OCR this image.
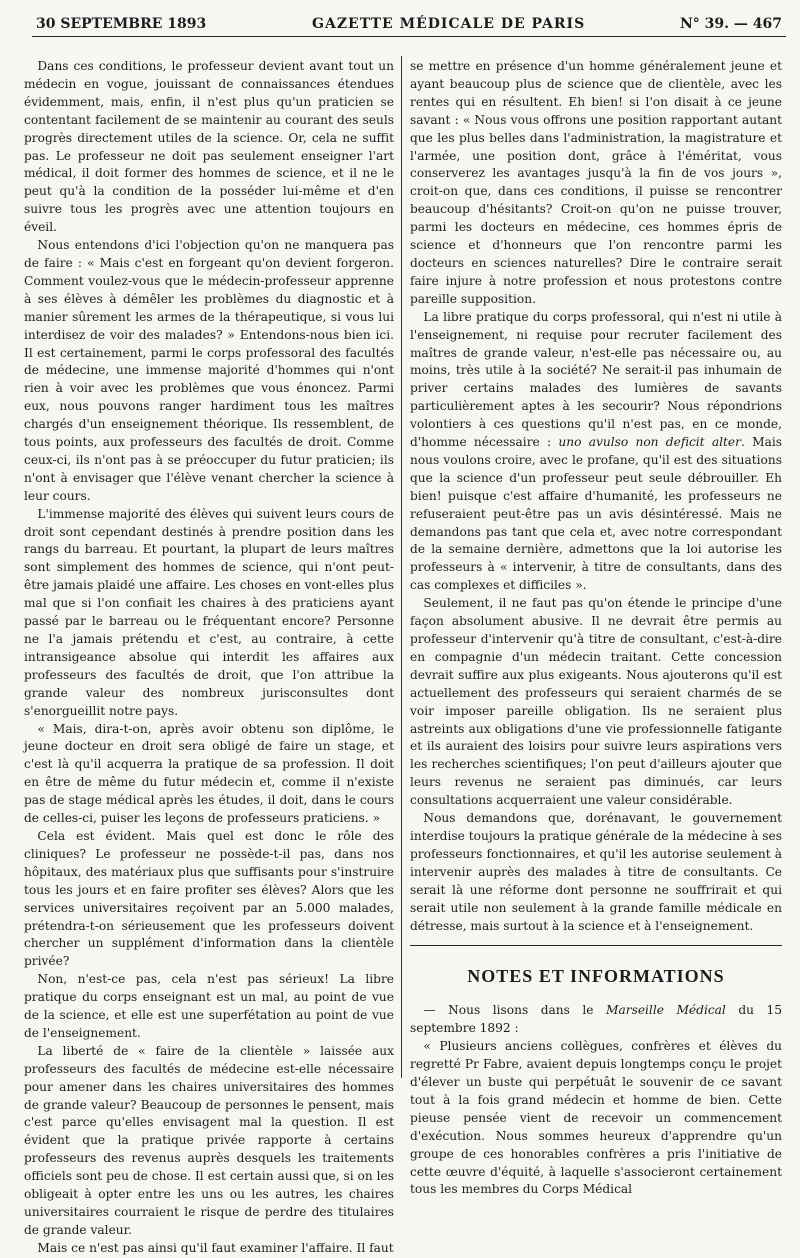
30 SEPTEMBRE 1893	GAZETTE MÉDICALE DE PARIS	N° 39. — 467

Dans ces conditions, le professeur devient avant tout un médecin en vogue, jouissant de connaissances étendues évidemment, mais, enfin, il n'est plus qu'un praticien se contentant facilement de se maintenir au courant des seuls progrès directement utiles de la science. Or, cela ne suffit pas. Le professeur ne doit pas seulement enseigner l'art médical, il doit former des hommes de science, et il ne le peut qu'à la condition de la posséder lui-même et d'en suivre tous les progrès avec une attention toujours en éveil.

Nous entendons d'ici l'objection qu'on ne manquera pas de faire : « Mais c'est en forgeant qu'on devient forgeron. Comment voulez-vous que le médecin-professeur apprenne à ses élèves à démêler les problèmes du diagnostic et à manier sûrement les armes de la thérapeutique, si vous lui interdisez de voir des malades? » Entendons-nous bien ici. Il est certainement, parmi le corps professoral des facultés de médecine, une immense majorité d'hommes qui n'ont rien à voir avec les problèmes que vous énoncez. Parmi eux, nous pouvons ranger hardiment tous les maîtres chargés d'un enseignement théorique. Ils ressemblent, de tous points, aux professeurs des facultés de droit. Comme ceux-ci, ils n'ont pas à se préoccuper du futur praticien; ils n'ont à envisager que l'élève venant chercher la science à leur cours.

L'immense majorité des élèves qui suivent leurs cours de droit sont cependant destinés à prendre position dans les rangs du barreau. Et pourtant, la plupart de leurs maîtres sont simplement des hommes de science, qui n'ont peut-être jamais plaidé une affaire. Les choses en vont-elles plus mal que si l'on confiait les chaires à des praticiens ayant passé par le barreau ou le fréquentant encore? Personne ne l'a jamais prétendu et c'est, au contraire, à cette intransigeance absolue qui interdit les affaires aux professeurs des facultés de droit, que l'on attribue la grande valeur des nombreux jurisconsultes dont s'enorgueillit notre pays.

« Mais, dira-t-on, après avoir obtenu son diplôme, le jeune docteur en droit sera obligé de faire un stage, et c'est là qu'il acquerra la pratique de sa profession. Il doit en être de même du futur médecin et, comme il n'existe pas de stage médical après les études, il doit, dans le cours de celles-ci, puiser les leçons de professeurs praticiens. »

Cela est évident. Mais quel est donc le rôle des cliniques? Le professeur ne possède-t-il pas, dans nos hôpitaux, des matériaux plus que suffisants pour s'instruire tous les jours et en faire profiter ses élèves? Alors que les services universitaires reçoivent par an 5.000 malades, prétendra-t-on sérieusement que les professeurs doivent chercher un supplément d'information dans la clientèle privée?

Non, n'est-ce pas, cela n'est pas sérieux! La libre pratique du corps enseignant est un mal, au point de vue de la science, et elle est une superfétation au point de vue de l'enseignement.

La liberté de « faire de la clientèle » laissée aux professeurs des facultés de médecine est-elle nécessaire pour amener dans les chaires universitaires des hommes de grande valeur? Beaucoup de personnes le pensent, mais c'est parce qu'elles envisagent mal la question. Il est évident que la pratique privée rapporte à certains professeurs des revenus auprès desquels les traitements officiels sont peu de chose. Il est certain aussi que, si on les obligeait à opter entre les uns ou les autres, les chaires universitaires courraient le risque de perdre des titulaires de grande valeur.

Mais ce n'est pas ainsi qu'il faut examiner l'affaire. Il faut

se mettre en présence d'un homme généralement jeune et ayant beaucoup plus de science que de clientèle, avec les rentes qui en résultent. Eh bien! si l'on disait à ce jeune savant : « Nous vous offrons une position rapportant autant que les plus belles dans l'administration, la magistrature et l'armée, une position dont, grâce à l'éméritat, vous conserverez les avantages jusqu'à la fin de vos jours », croit-on que, dans ces conditions, il puisse se rencontrer beaucoup d'hésitants? Croit-on qu'on ne puisse trouver, parmi les docteurs en médecine, ces hommes épris de science et d'honneurs que l'on rencontre parmi les docteurs en sciences naturelles? Dire le contraire serait faire injure à notre profession et nous protestons contre pareille supposition.

La libre pratique du corps professoral, qui n'est ni utile à l'enseignement, ni requise pour recruter facilement des maîtres de grande valeur, n'est-elle pas nécessaire ou, au moins, très utile à la société? Ne serait-il pas inhumain de priver certains malades des lumières de savants particulièrement aptes à les secourir? Nous répondrions volontiers à ces questions qu'il n'est pas, en ce monde, d'homme nécessaire : uno avulso non deficit alter. Mais nous voulons croire, avec le profane, qu'il est des situations que la science d'un professeur peut seule débrouiller. Eh bien! puisque c'est affaire d'humanité, les professeurs ne refuseraient peut-être pas un avis désintéressé. Mais ne demandons pas tant que cela et, avec notre correspondant de la semaine dernière, admettons que la loi autorise les professeurs à « intervenir, à titre de consultants, dans des cas complexes et difficiles ».

Seulement, il ne faut pas qu'on étende le principe d'une façon absolument abusive. Il ne devrait être permis au professeur d'intervenir qu'à titre de consultant, c'est-à-dire en compagnie d'un médecin traitant. Cette concession devrait suffire aux plus exigeants. Nous ajouterons qu'il est actuellement des professeurs qui seraient charmés de se voir imposer pareille obligation. Ils ne seraient plus astreints aux obligations d'une vie professionnelle fatigante et ils auraient des loisirs pour suivre leurs aspirations vers les recherches scientifiques; l'on peut d'ailleurs ajouter que leurs revenus ne seraient pas diminués, car leurs consultations acquerraient une valeur considérable.

Nous demandons que, dorénavant, le gouvernement interdise toujours la pratique générale de la médecine à ses professeurs fonctionnaires, et qu'il les autorise seulement à intervenir auprès des malades à titre de consultants. Ce serait là une réforme dont personne ne souffrirait et qui serait utile non seulement à la grande famille médicale en détresse, mais surtout à la science et à l'enseignement.

NOTES ET INFORMATIONS

— Nous lisons dans le Marseille Médical du 15 septembre 1892 :

« Plusieurs anciens collègues, confrères et élèves du regretté Pr Fabre, avaient depuis longtemps conçu le projet d'élever un buste qui perpétuât le souvenir de ce savant tout à la fois grand médecin et homme de bien. Cette pieuse pensée vient de recevoir un commencement d'exécution. Nous sommes heureux d'apprendre qu'un groupe de ces honorables confrères a pris l'initiative de cette œuvre d'équité, à laquelle s'associeront certainement tous les membres du Corps Médical
